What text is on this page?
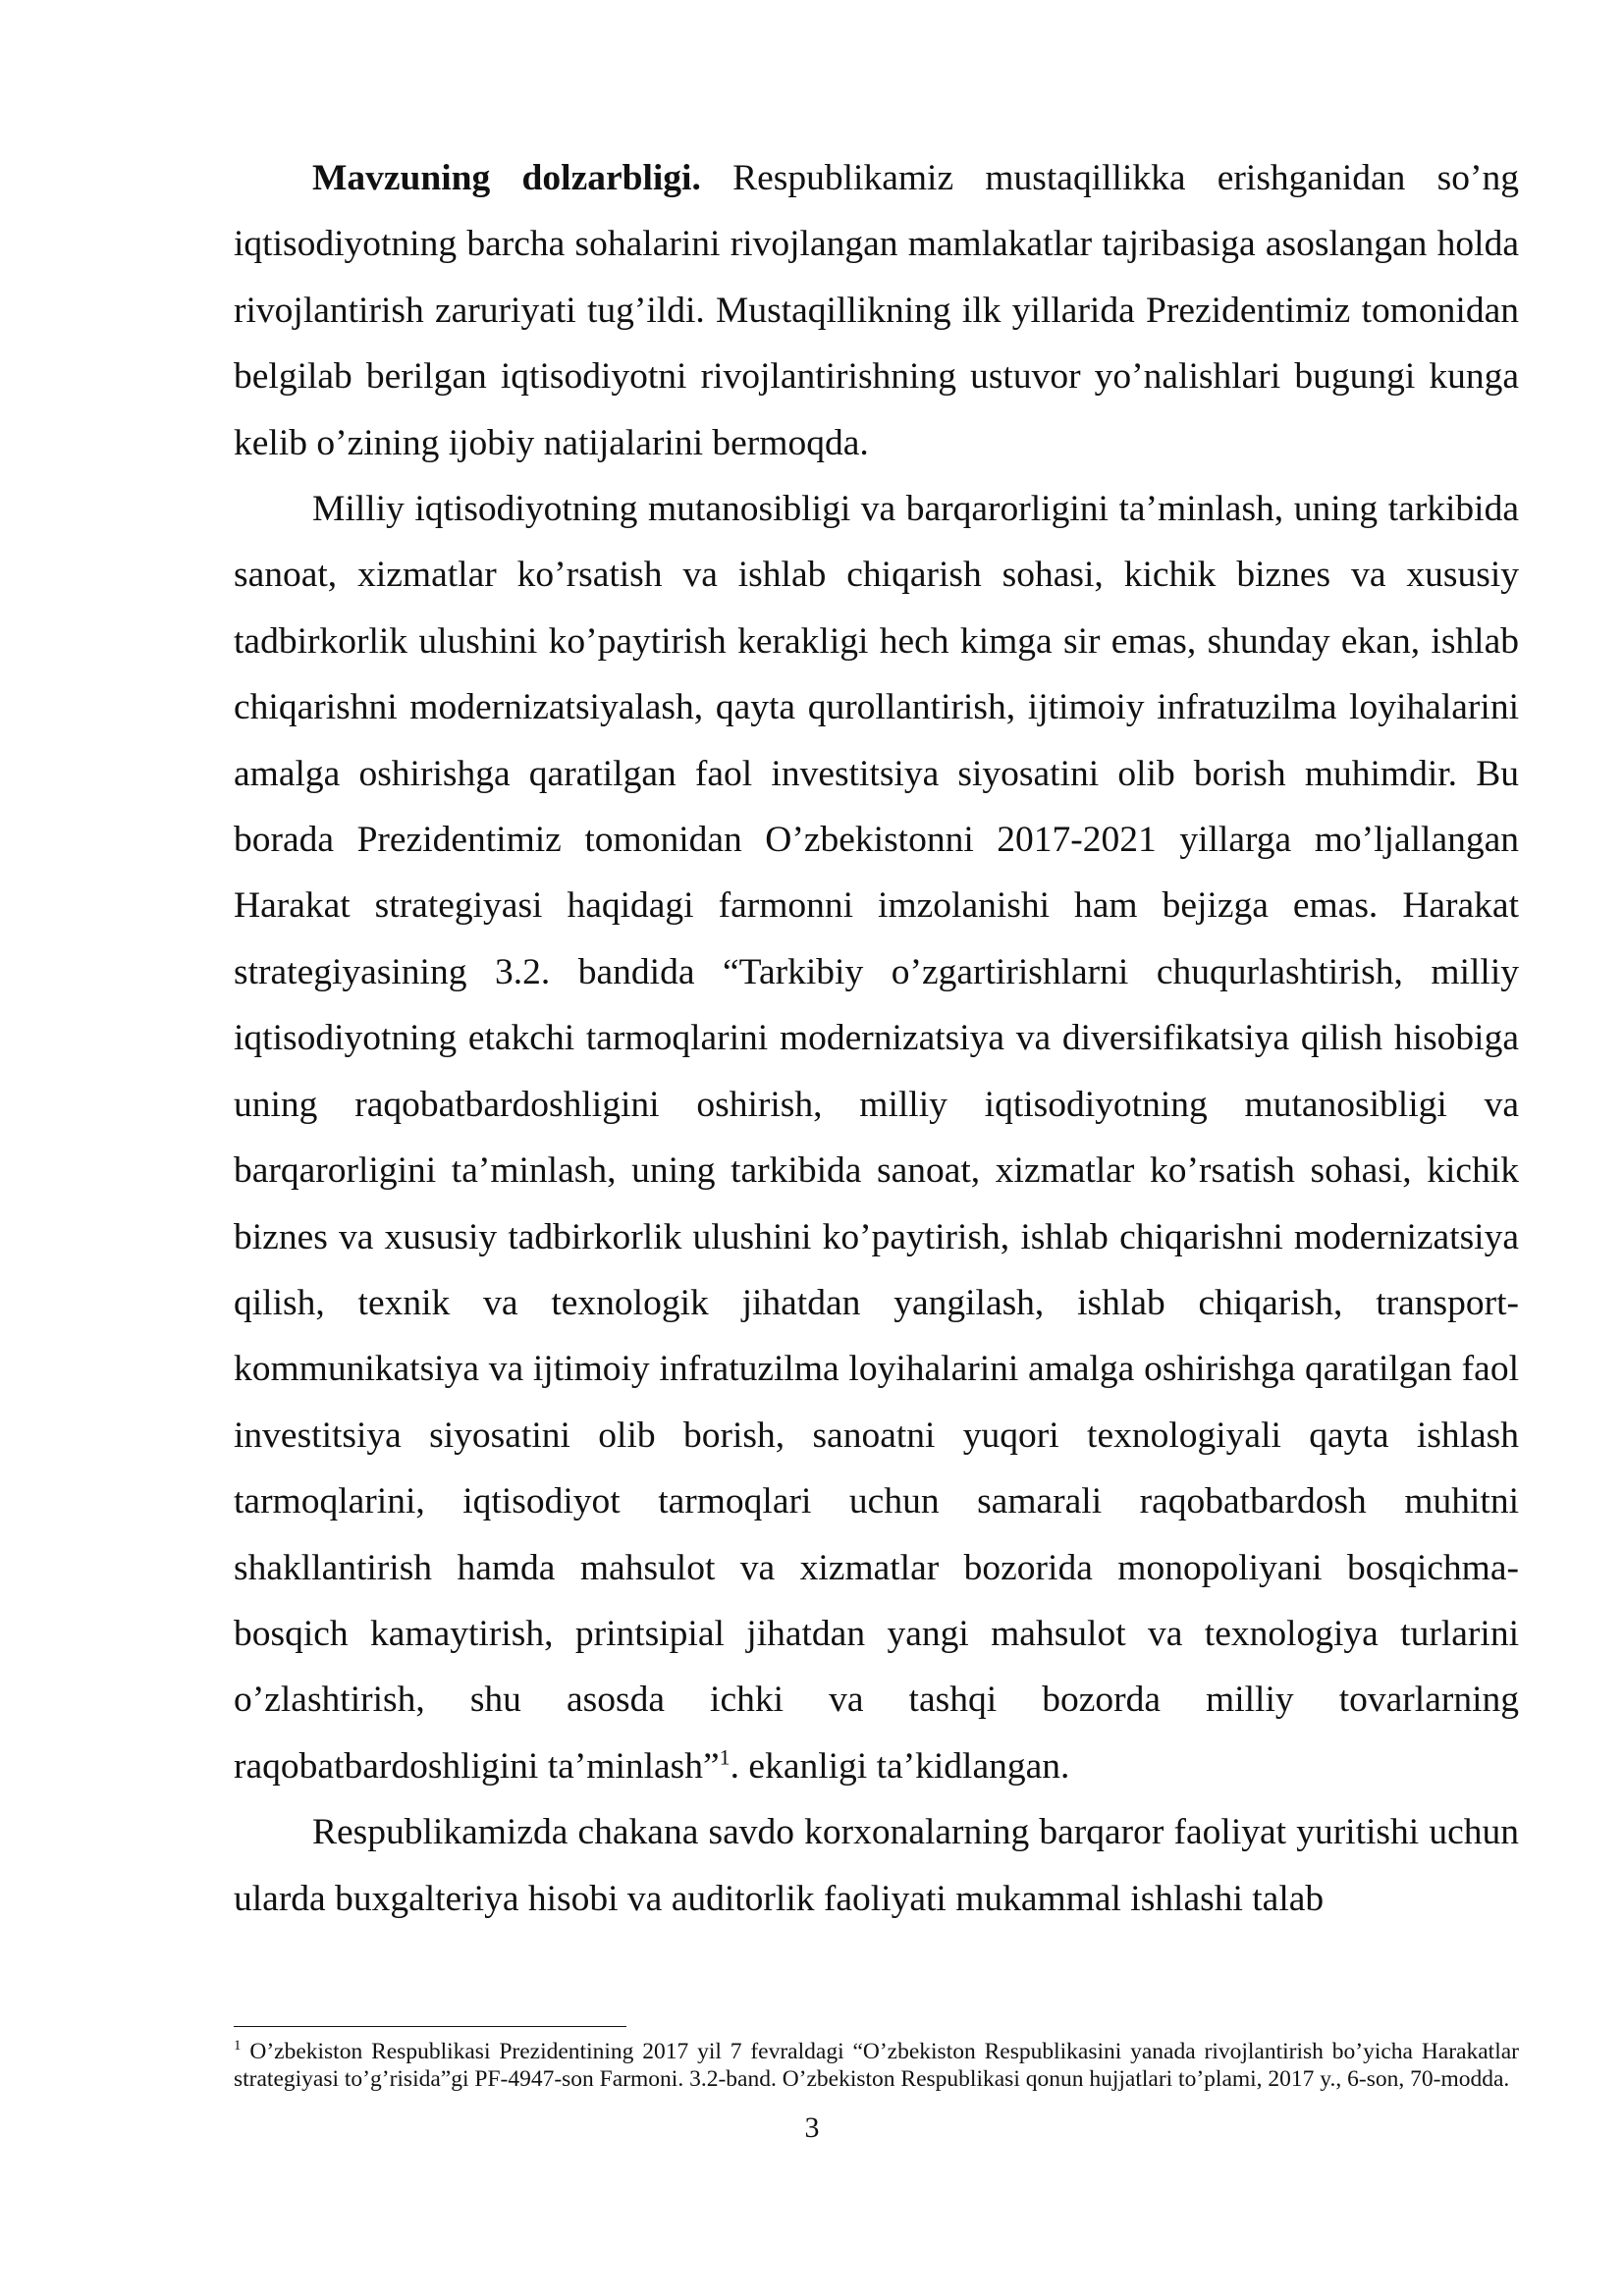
Mavzuning dolzarbligi. Respublikamiz mustaqillikka erishganidan so’ng iqtisodiyotning barcha sohalarini rivojlangan mamlakatlar tajribasiga asoslangan holda rivojlantirish zaruriyati tug’ildi. Mustaqillikning ilk yillarida Prezidentimiz tomonidan belgilab berilgan iqtisodiyotni rivojlantirishning ustuvor yo’nalishlari bugungi kunga kelib o’zining ijobiy natijalarini bermoqda.

Milliy iqtisodiyotning mutanosibligi va barqarorligini ta’minlash, uning tarkibida sanoat, xizmatlar ko’rsatish va ishlab chiqarish sohasi, kichik biznes va xususiy tadbirkorlik ulushini ko’paytirish kerakligi hech kimga sir emas, shunday ekan, ishlab chiqarishni modernizatsiyalash, qayta qurollantirish, ijtimoiy infratuzilma loyihalarini amalga oshirishga qaratilgan faol investitsiya siyosatini olib borish muhimdir. Bu borada Prezidentimiz tomonidan O’zbekistonni 2017-2021 yillarga mo’ljallangan Harakat strategiyasi haqidagi farmonni imzolanishi ham bejizga emas. Harakat strategiyasining 3.2. bandida “Tarkibiy o’zgartirishlarni chuqurlashtirish, milliy iqtisodiyotning etakchi tarmoqlarini modernizatsiya va diversifikatsiya qilish hisobiga uning raqobatbardoshligini oshirish, milliy iqtisodiyotning mutanosibligi va barqarorligini ta’minlash, uning tarkibida sanoat, xizmatlar ko’rsatish sohasi, kichik biznes va xususiy tadbirkorlik ulushini ko’paytirish, ishlab chiqarishni modernizatsiya qilish, texnik va texnologik jihatdan yangilash, ishlab chiqarish, transport-kommunikatsiya va ijtimoiy infratuzilma loyihalarini amalga oshirishga qaratilgan faol investitsiya siyosatini olib borish, sanoatni yuqori texnologiyali qayta ishlash tarmoqlarini, iqtisodiyot tarmoqlari uchun samarali raqobatbardosh muhitni shakllantirish hamda mahsulot va xizmatlar bozorida monopoliyani bosqichma-bosqich kamaytirish, printsipial jihatdan yangi mahsulot va texnologiya turlarini o’zlashtirish, shu asosda ichki va tashqi bozorda milliy tovarlarning raqobatbardoshligini ta’minlash”$^1$. ekanligi ta’kidlangan.

Respublikamizda chakana savdo korxonalarning barqaror faoliyat yuritishi uchun ularda buxgalteriya hisobi va auditorlik faoliyati mukammal ishlashi talab

$^1$ O’zbekiston Respublikasi Prezidentining 2017 yil 7 fevraldagi “O’zbekiston Respublikasini yanada rivojlantirish bo’yicha Harakatlar strategiyasi to’g’risida”gi PF-4947-son Farmoni. 3.2-band. O’zbekiston Respublikasi qonun hujjatlari to’plami, 2017 y., 6-son, 70-modda.

3
